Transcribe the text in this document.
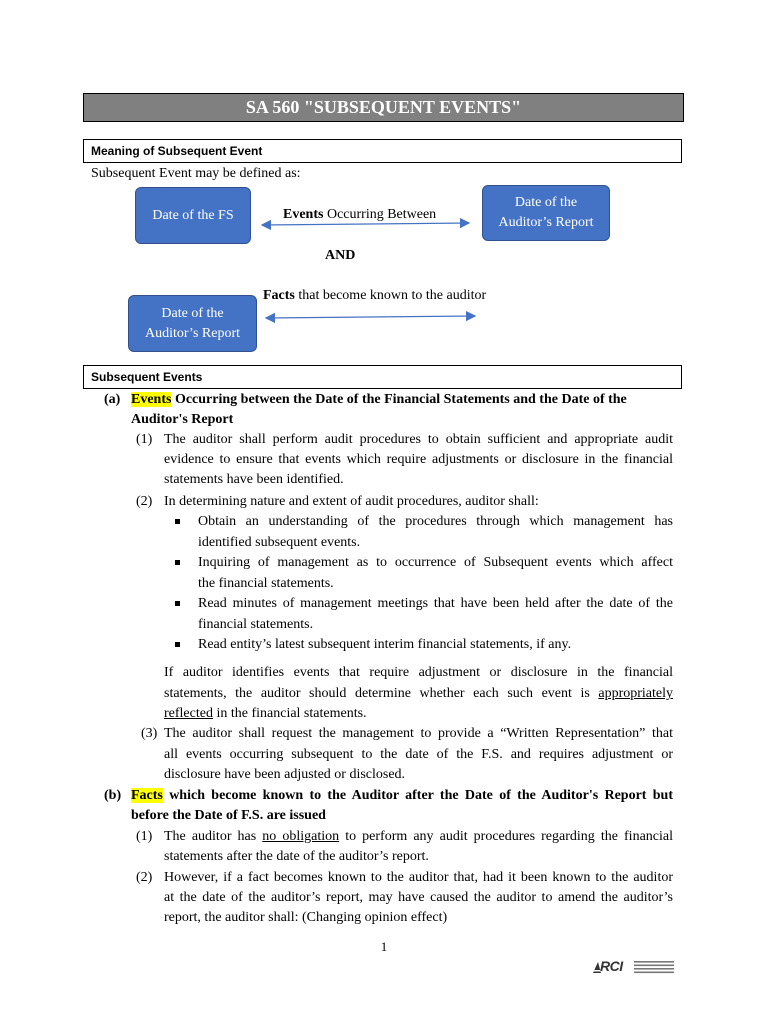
SA 560 "SUBSEQUENT EVENTS"
Meaning of Subsequent Event
Subsequent Event may be defined as:
Date of the FS
Date of the Auditor’s Report
Date of the Auditor’s Report
Events Occurring Between
AND
Facts that become known to the auditor
Subsequent Events
(a) Events Occurring between the Date of the Financial Statements and the Date of the
Auditor's Report
(1) The auditor shall perform audit procedures to obtain sufficient and appropriate audit
evidence to ensure that events which require adjustments or disclosure in the financial
statements have been identified.
(2) In determining nature and extent of audit procedures, auditor shall:
Obtain an understanding of the procedures through which management has
identified subsequent events.
Inquiring of management as to occurrence of Subsequent events which affect
the financial statements.
Read minutes of management meetings that have been held after the date of the
financial statements.
Read entity’s latest subsequent interim financial statements, if any.
If auditor identifies events that require adjustment or disclosure in the financial
statements, the auditor should determine whether each such event is appropriately
reflected in the financial statements.
(3) The auditor shall request the management to provide a “Written Representation” that
all events occurring subsequent to the date of the F.S. and requires adjustment or
disclosure have been adjusted or disclosed.
(b) Facts which become known to the Auditor after the Date of the Auditor's Report but
before the Date of F.S. are issued
(1) The auditor has no obligation to perform any audit procedures regarding the financial
statements after the date of the auditor’s report.
(2) However, if a fact becomes known to the auditor that, had it been known to the auditor
at the date of the auditor’s report, may have caused the auditor to amend the auditor’s
report, the auditor shall: (Changing opinion effect)
1
RCI
